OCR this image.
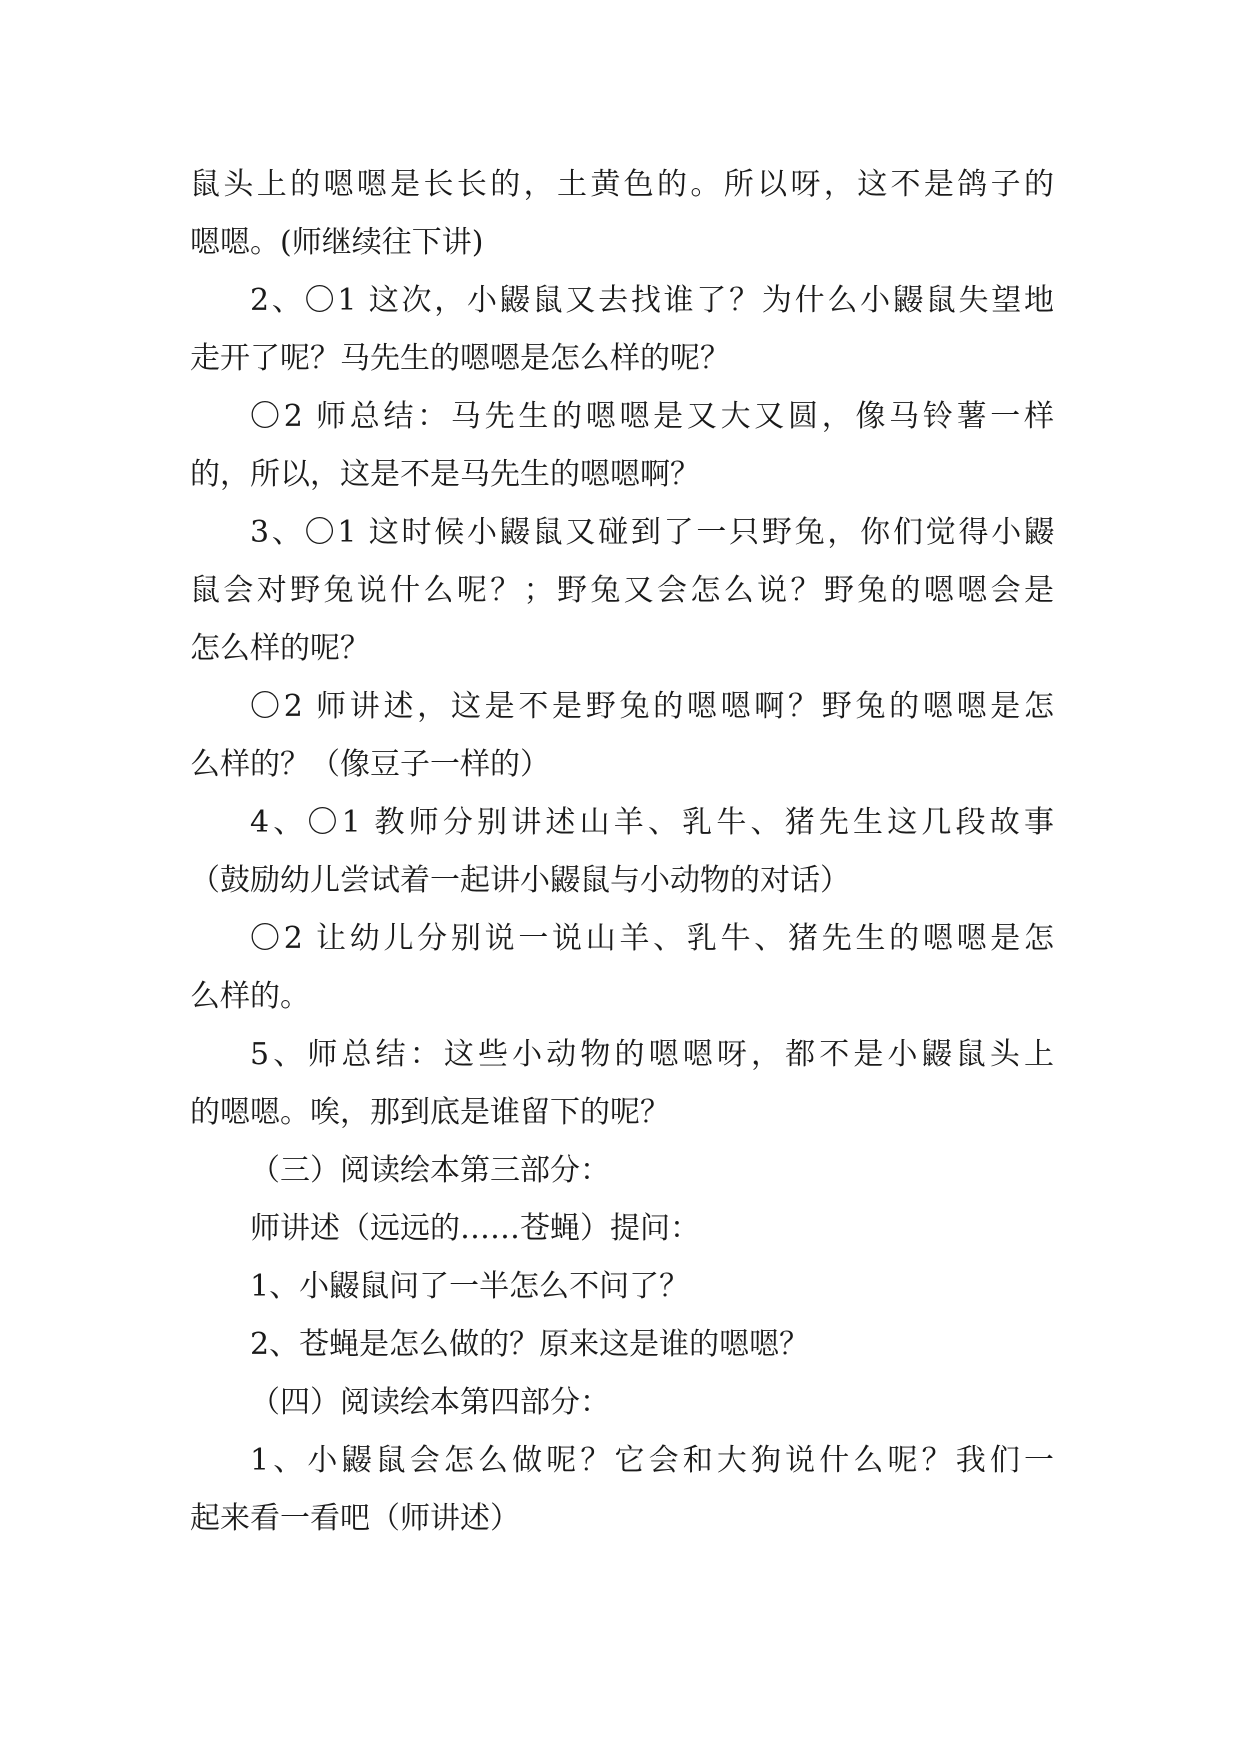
鼠头上的嗯嗯是长长的，土黄色的。所以呀，这不是鸽子的
嗯嗯。(师继续往下讲)
2、〇1 这次，小鼹鼠又去找谁了？为什么小鼹鼠失望地
走开了呢？马先生的嗯嗯是怎么样的呢？
〇2 师总结：马先生的嗯嗯是又大又圆，像马铃薯一样
的，所以，这是不是马先生的嗯嗯啊？
3、〇1 这时候小鼹鼠又碰到了一只野兔，你们觉得小鼹
鼠会对野兔说什么呢？；野兔又会怎么说？野兔的嗯嗯会是
怎么样的呢？
〇2 师讲述，这是不是野兔的嗯嗯啊？野兔的嗯嗯是怎
么样的？（像豆子一样的）
4、〇1 教师分别讲述山羊、乳牛、猪先生这几段故事
（鼓励幼儿尝试着一起讲小鼹鼠与小动物的对话）
〇2 让幼儿分别说一说山羊、乳牛、猪先生的嗯嗯是怎
么样的。
5、师总结：这些小动物的嗯嗯呀，都不是小鼹鼠头上
的嗯嗯。唉，那到底是谁留下的呢？
（三）阅读绘本第三部分：
师讲述（远远的……苍蝇）提问：
1、小鼹鼠问了一半怎么不问了？
2、苍蝇是怎么做的？原来这是谁的嗯嗯？
（四）阅读绘本第四部分：
1、小鼹鼠会怎么做呢？它会和大狗说什么呢？我们一
起来看一看吧（师讲述）
